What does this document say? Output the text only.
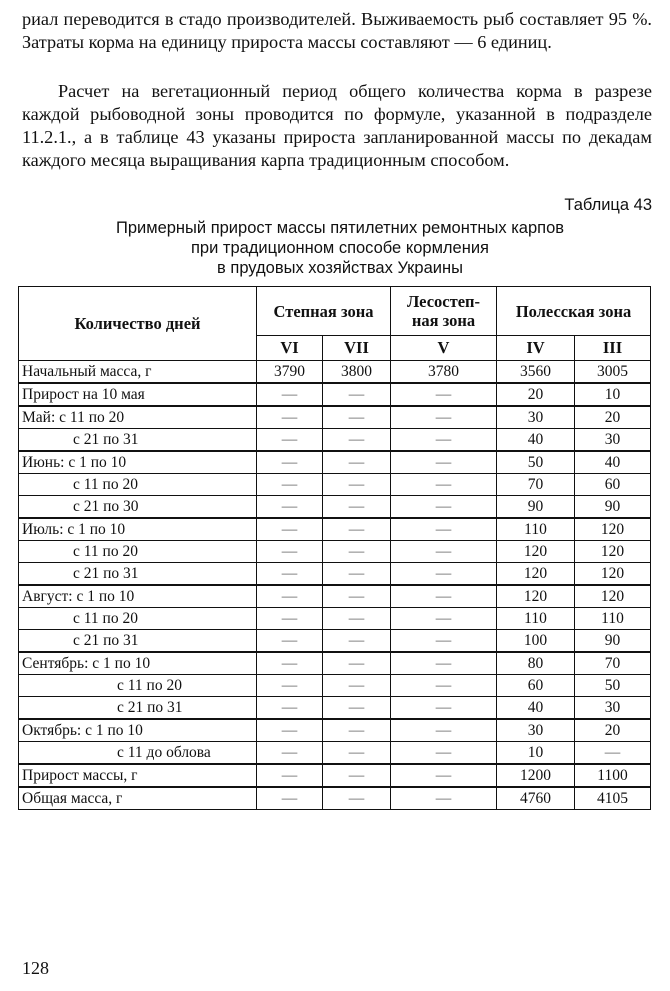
риал переводится в стадо производителей. Выживаемость рыб составляет 95 %. Затраты корма на единицу прироста массы составляют — 6 единиц.

Расчет на вегетационный период общего количества корма в разрезе каждой рыбоводной зоны проводится по формуле, указанной в подразделе 11.2.1., а в таблице 43 указаны прироста запланированной массы по декадам каждого месяца выращивания карпа традиционным способом.

Таблица 43

Примерный прирост массы пятилетних ремонтных карпов
при традиционном способе кормления
в прудовых хозяйствах Украины

Количество дней	Степная зона		Лесостеп-
ная зона	Полесская зона	
	VI	VII	V	IV	III
Начальный масса, г	3790	3800	3780	3560	3005
Прирост на 10 мая	—	—	—	20	10
Май: с 11 по 20	—	—	—	30	20
с 21 по 31	—	—	—	40	30
Июнь: с 1 по 10	—	—	—	50	40
с 11 по 20	—	—	—	70	60
с 21 по 30	—	—	—	90	90
Июль: с 1 по 10	—	—	—	110	120
с 11 по 20	—	—	—	120	120
с 21 по 31	—	—	—	120	120
Август: с 1 по 10	—	—	—	120	120
с 11 по 20	—	—	—	110	110
с 21 по 31	—	—	—	100	90
Сентябрь: с 1 по 10	—	—	—	80	70
с 11 по 20	—	—	—	60	50
с 21 по 31	—	—	—	40	30
Октябрь: с 1 по 10	—	—	—	30	20
с 11 до облова	—	—	—	10	—
Прирост массы, г	—	—	—	1200	1100
Общая масса, г	—	—	—	4760	4105
128
